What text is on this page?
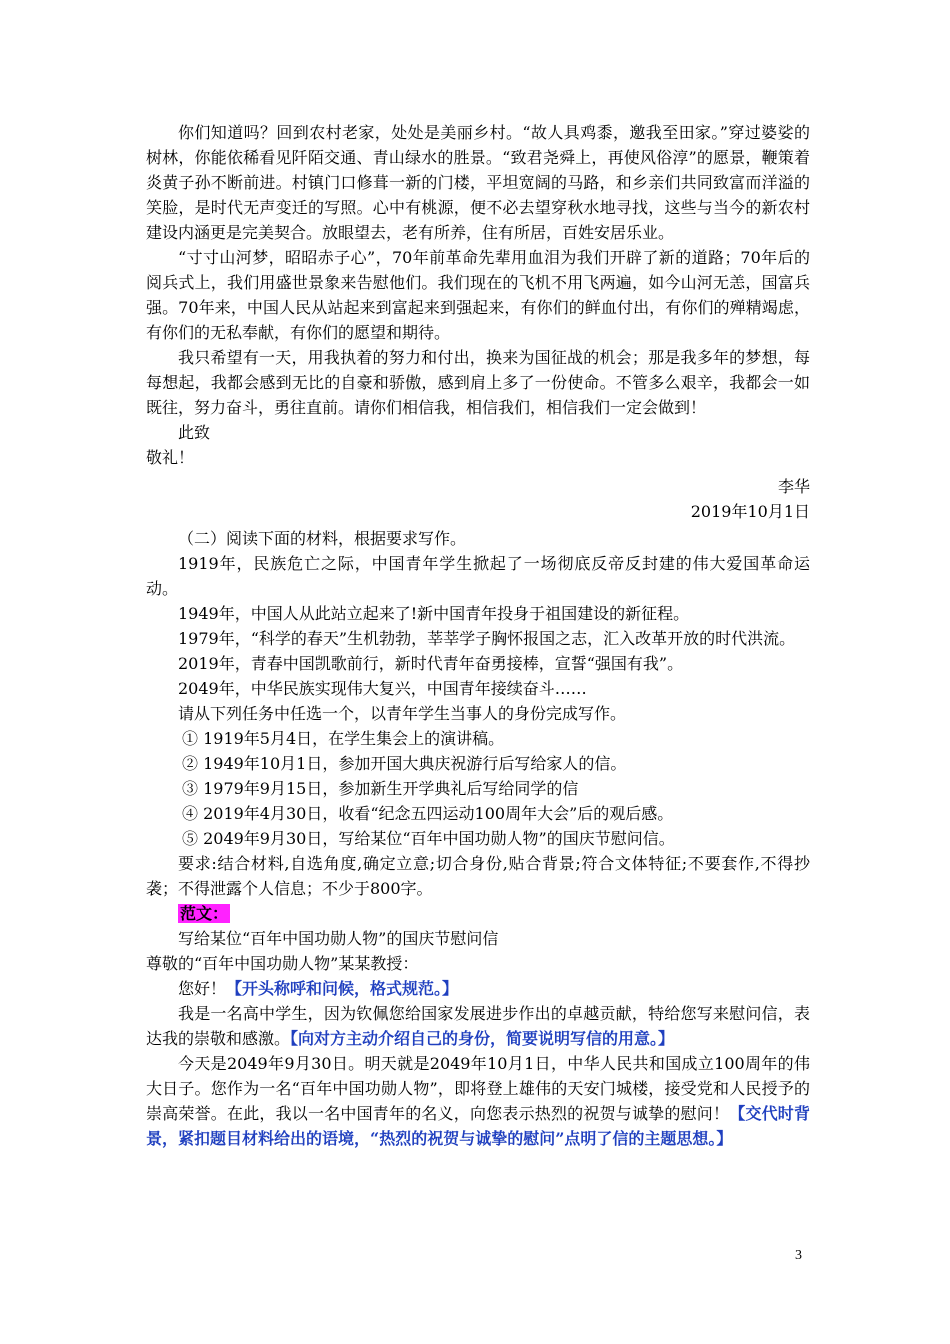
你们知道吗？回到农村老家，处处是美丽乡村。“故人具鸡黍，邀我至田家。”穿过婆娑的树林，你能依稀看见阡陌交通、青山绿水的胜景。“致君尧舜上，再使风俗淳”的愿景，鞭策着炎黄子孙不断前进。村镇门口修葺一新的门楼，平坦宽阔的马路，和乡亲们共同致富而洋溢的笑脸，是时代无声变迁的写照。心中有桃源，便不必去望穿秋水地寻找，这些与当今的新农村建设内涵更是完美契合。放眼望去，老有所养，住有所居，百姓安居乐业。

“寸寸山河梦，昭昭赤子心”，70年前革命先辈用血泪为我们开辟了新的道路；70年后的阅兵式上，我们用盛世景象来告慰他们。我们现在的飞机不用飞两遍，如今山河无恙，国富兵强。70年来，中国人民从站起来到富起来到强起来，有你们的鲜血付出，有你们的殚精竭虑，有你们的无私奉献，有你们的愿望和期待。

我只希望有一天，用我执着的努力和付出，换来为国征战的机会；那是我多年的梦想，每每想起，我都会感到无比的自豪和骄傲，感到肩上多了一份使命。不管多么艰辛，我都会一如既往，努力奋斗，勇往直前。请你们相信我，相信我们，相信我们一定会做到！

此致

敬礼！

李华

2019年10月1日

（二）阅读下面的材料，根据要求写作。

1919年，民族危亡之际，中国青年学生掀起了一场彻底反帝反封建的伟大爱国革命运动。

1949年，中国人从此站立起来了!新中国青年投身于祖国建设的新征程。

1979年，“科学的春天”生机勃勃，莘莘学子胸怀报国之志，汇入改革开放的时代洪流。

2019年，青春中国凯歌前行，新时代青年奋勇接棒，宣誓“强国有我”。

2049年，中华民族实现伟大复兴，中国青年接续奋斗……

请从下列任务中任选一个，以青年学生当事人的身份完成写作。

① 1919年5月4日，在学生集会上的演讲稿。

② 1949年10月1日，参加开国大典庆祝游行后写给家人的信。

③ 1979年9月15日，参加新生开学典礼后写给同学的信

④ 2019年4月30日，收看“纪念五四运动100周年大会”后的观后感。

⑤ 2049年9月30日，写给某位“百年中国功勋人物”的国庆节慰问信。

要求:结合材料,自选角度,确定立意;切合身份,贴合背景;符合文体特征;不要套作,不得抄袭；不得泄露个人信息；不少于800字。

范文：

写给某位“百年中国功勋人物”的国庆节慰问信

尊敬的“百年中国功勋人物”某某教授：

您好！【开头称呼和问候，格式规范。】

我是一名高中学生，因为钦佩您给国家发展进步作出的卓越贡献，特给您写来慰问信，表达我的崇敬和感激。【向对方主动介绍自己的身份，简要说明写信的用意。】

今天是2049年9月30日。明天就是2049年10月1日，中华人民共和国成立100周年的伟大日子。您作为一名“百年中国功勋人物”，即将登上雄伟的天安门城楼，接受党和人民授予的崇高荣誉。在此，我以一名中国青年的名义，向您表示热烈的祝贺与诚挚的慰问！【交代时背景，紧扣题目材料给出的语境，“热烈的祝贺与诚挚的慰问”点明了信的主题思想。】

3
